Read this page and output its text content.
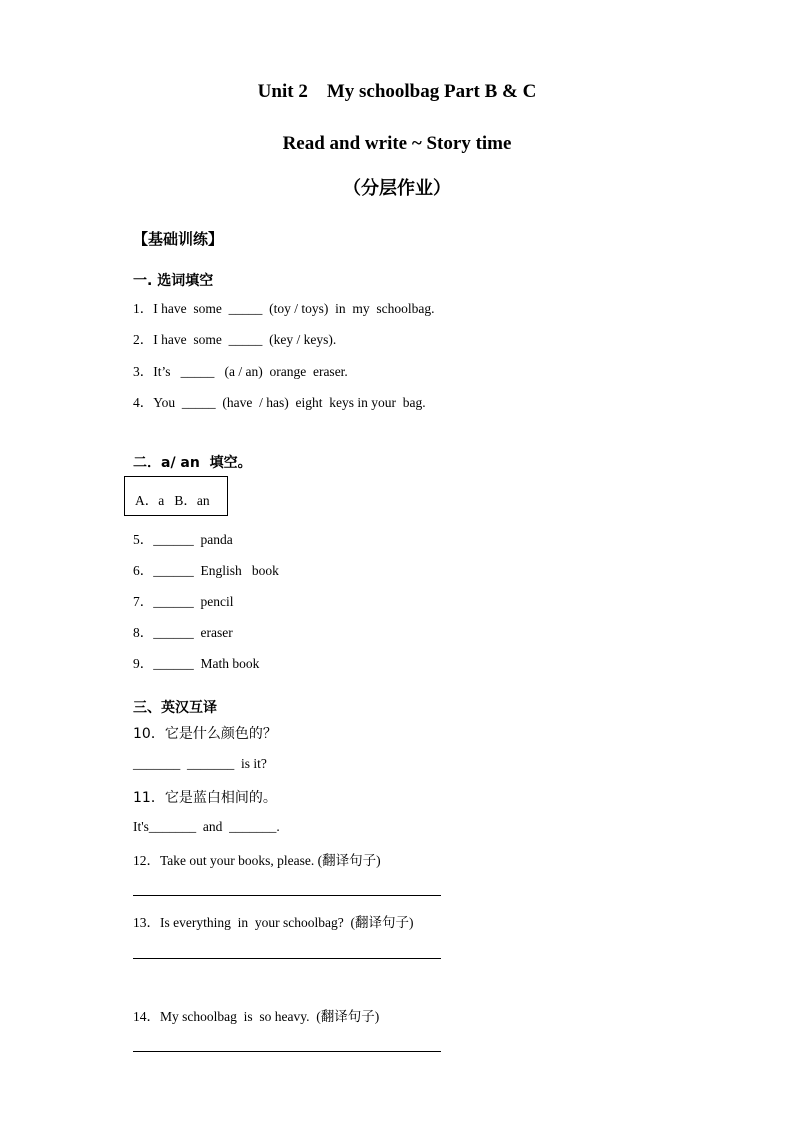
Unit 2    My schoolbag Part B & C
Read and write ~ Story time
（分层作业）
【基础训练】
一. 选词填空
1．I have  some  _____  (toy / toys)  in  my  schoolbag.
2．I have  some  _____  (key / keys).
3．It’s   _____   (a / an)  orange  eraser.
4．You  _____  (have  / has)  eight  keys in your  bag.
二．a/ an  填空。
A．a   B．an
5．______  panda
6．______  English   book
7．______  pencil
8．______  eraser
9．______  Math book
三、英汉互译
10．它是什么颜色的？
_______  _______  is it?
11．它是蓝白相间的。
It's_______  and  _______.
12．Take out your books, please. (翻译句子)
13．Is everything  in  your schoolbag?  (翻译句子)
14．My schoolbag  is  so heavy.  (翻译句子)
